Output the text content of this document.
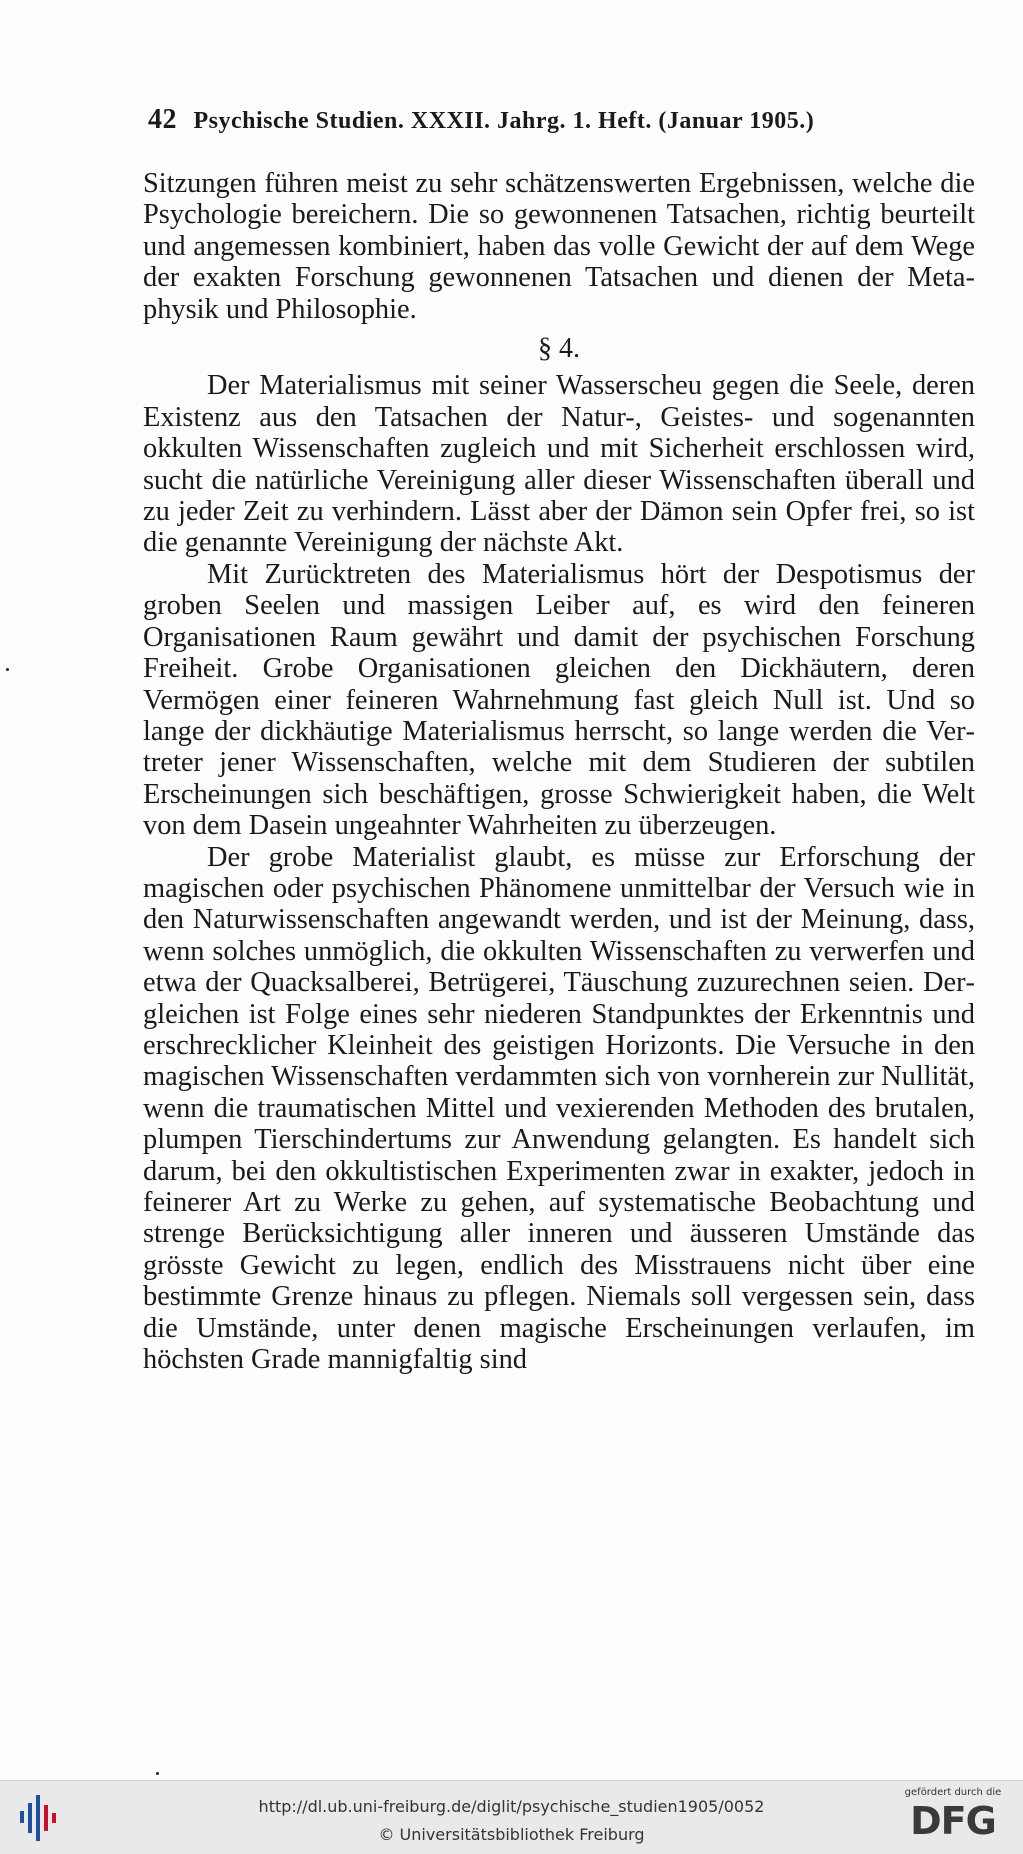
42 Psychische Studien. XXXII. Jahrg. 1. Heft. (Januar 1905.)

Sitzungen führen meist zu sehr schätzenswerten Ergebnissen, welche die Psychologie bereichern. Die so gewonnenen Tatsachen, richtig beurteilt und angemessen kombiniert, haben das volle Gewicht der auf dem Wege der exakten Forschung gewonnenen Tatsachen und dienen der Metaphysik und Philosophie.

§ 4.

Der Materialismus mit seiner Wasserscheu gegen die Seele, deren Existenz aus den Tatsachen der Natur-, Geistes- und sogenannten okkulten Wissenschaften zugleich und mit Sicherheit erschlossen wird, sucht die natürliche Vereinigung aller dieser Wissenschaften überall und zu jeder Zeit zu verhindern. Lässt aber der Dämon sein Opfer frei, so ist die genannte Vereinigung der nächste Akt.

Mit Zurücktreten des Materialismus hört der Despotismus der groben Seelen und massigen Leiber auf, es wird den feineren Organisationen Raum gewährt und damit der psychischen Forschung Freiheit. Grobe Organisationen gleichen den Dickhäutern, deren Vermögen einer feineren Wahrnehmung fast gleich Null ist. Und so lange der dickhäutige Materialismus herrscht, so lange werden die Vertreter jener Wissenschaften, welche mit dem Studieren der subtilen Erscheinungen sich beschäftigen, grosse Schwierigkeit haben, die Welt von dem Dasein ungeahnter Wahrheiten zu überzeugen.

Der grobe Materialist glaubt, es müsse zur Erforschung der magischen oder psychischen Phänomene unmittelbar der Versuch wie in den Naturwissenschaften angewandt werden, und ist der Meinung, dass, wenn solches unmöglich, die okkulten Wissenschaften zu verwerfen und etwa der Quacksalberei, Betrügerei, Täuschung zuzurechnen seien. Dergleichen ist Folge eines sehr niederen Standpunktes der Erkenntnis und erschrecklicher Kleinheit des geistigen Horizonts. Die Versuche in den magischen Wissenschaften verdammten sich von vornherein zur Nullität, wenn die traumatischen Mittel und vexierenden Methoden des brutalen, plumpen Tierschindertums zur Anwendung gelangten. Es handelt sich darum, bei den okkultistischen Experimenten zwar in exakter, jedoch in feinerer Art zu Werke zu gehen, auf systematische Beobachtung und strenge Berücksichtigung aller inneren und äusseren Umstände das grösste Gewicht zu legen, endlich des Misstrauens nicht über eine bestimmte Grenze hinaus zu pflegen. Niemals soll vergessen sein, dass die Umstände, unter denen magische Erscheinungen verlaufen, im höchsten Grade mannigfaltig sind

http://dl.ub.uni-freiburg.de/diglit/psychische_studien1905/0052
© Universitätsbibliothek Freiburg
gefördert durch die
DFG
